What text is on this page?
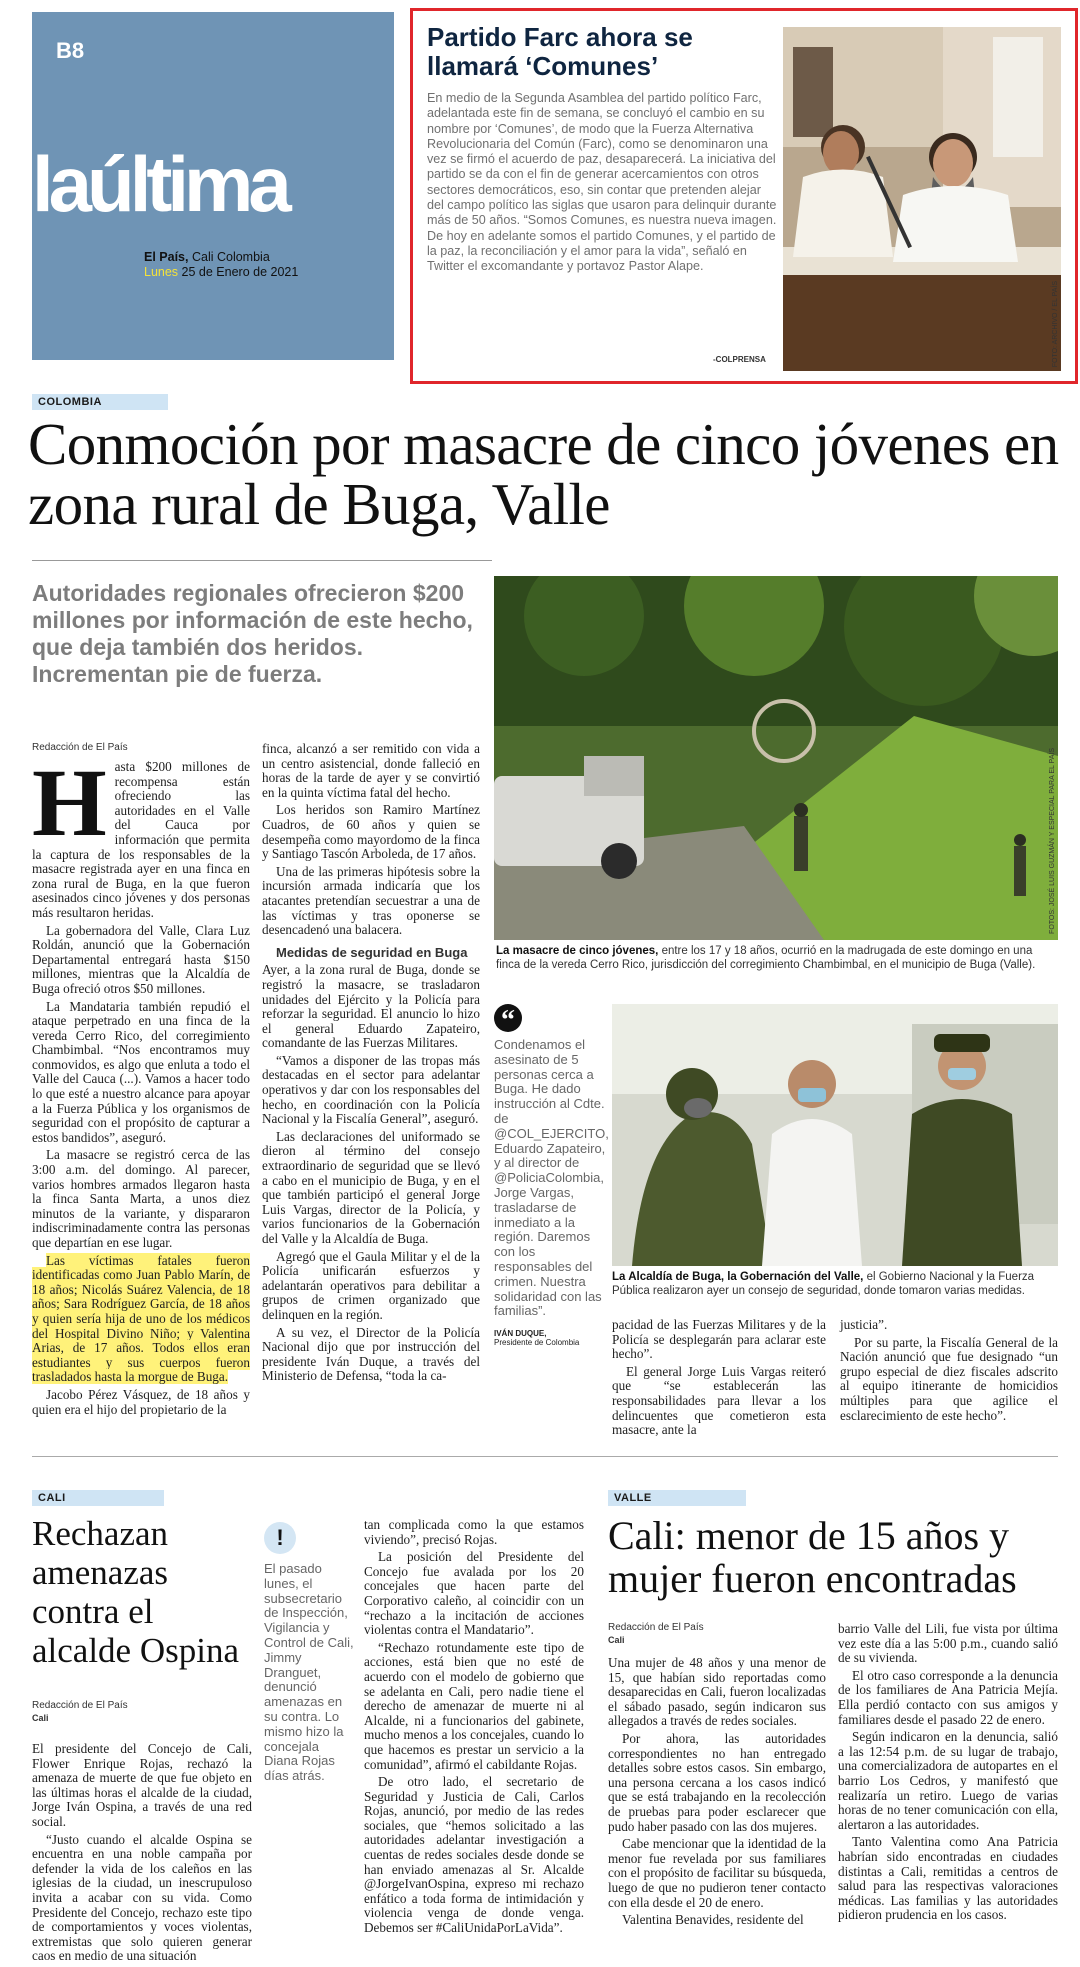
B8
laúltima
El País, Cali Colombia
Lunes 25 de Enero de 2021
Partido Farc ahora se llamará ‘Comunes’
En medio de la Segunda Asamblea del partido político Farc, adelantada este fin de semana, se concluyó el cambio en su nombre por ‘Comunes’, de modo que la Fuerza Alternativa Revolucionaria del Común (Farc), como se denominaron una vez se firmó el acuerdo de paz, desaparecerá. La iniciativa del partido se da con el fin de generar acercamientos con otros sectores democráticos, eso, sin contar que pretenden alejar del campo político las siglas que usaron para delinquir durante más de 50 años. “Somos Comunes, es nuestra nueva imagen. De hoy en adelante somos el partido Comunes, y el partido de la paz, la reconciliación y el amor para la vida”, señaló en Twitter el excomandante y portavoz Pastor Alape.
-COLPRENSA	FOTO: ARCHIVO / EL PAÍS
COLOMBIA
Conmoción por masacre de cinco jóvenes en zona rural de Buga, Valle
Autoridades regionales ofrecieron $200 millones por información de este hecho, que deja también dos heridos. Incrementan pie de fuerza.
Redacción de El País
H asta $200 millones de recompensa están ofreciendo las autoridades en el Valle del Cauca por información que permita la captura de los responsables de la masacre registrada ayer en una finca en zona rural de Buga, en la que fueron asesinados cinco jóvenes y dos personas más resultaron heridas.

La gobernadora del Valle, Clara Luz Roldán, anunció que la Gobernación Departamental entregará hasta $150 millones, mientras que la Alcaldía de Buga ofreció otros $50 millones.

La Mandataria también repudió el ataque perpetrado en una finca de la vereda Cerro Rico, del corregimiento Chambimbal. “Nos encontramos muy conmovidos, es algo que enluta a todo el Valle del Cauca (...). Vamos a hacer todo lo que esté a nuestro alcance para apoyar a la Fuerza Pública y los organismos de seguridad con el propósito de capturar a estos bandidos”, aseguró.

La masacre se registró cerca de las 3:00 a.m. del domingo. Al parecer, varios hombres armados llegaron hasta la finca Santa Marta, a unos diez minutos de la variante, y dispararon indiscriminadamente contra las personas que departían en ese lugar.

Las víctimas fatales fueron identificadas como Juan Pablo Marín, de 18 años; Nicolás Suárez Valencia, de 18 años; Sara Rodríguez García, de 18 años y quien sería hija de uno de los médicos del Hospital Divino Niño; y Valentina Arias, de 17 años. Todos ellos eran estudiantes y sus cuerpos fueron trasladados hasta la morgue de Buga.

Jacobo Pérez Vásquez, de 18 años y quien era el hijo del propietario de la

finca, alcanzó a ser remitido con vida a un centro asistencial, donde falleció en horas de la tarde de ayer y se convirtió en la quinta víctima fatal del hecho.

Los heridos son Ramiro Martínez Cuadros, de 60 años y quien se desempeña como mayordomo de la finca y Santiago Tascón Arboleda, de 17 años.

Una de las primeras hipótesis sobre la incursión armada indicaría que los atacantes pretendían secuestrar a una de las víctimas y tras oponerse se desencadenó una balacera.

Medidas de seguridad en Buga

Ayer, a la zona rural de Buga, donde se registró la masacre, se trasladaron unidades del Ejército y la Policía para reforzar la seguridad. El anuncio lo hizo el general Eduardo Zapateiro, comandante de las Fuerzas Militares.

“Vamos a disponer de las tropas más destacadas en el sector para adelantar operativos y dar con los responsables del hecho, en coordinación con la Policía Nacional y la Fiscalía General”, aseguró.

Las declaraciones del uniformado se dieron al término del consejo extraordinario de seguridad que se llevó a cabo en el municipio de Buga, y en el que también participó el general Jorge Luis Vargas, director de la Policía, y varios funcionarios de la Gobernación del Valle y la Alcaldía de Buga.

Agregó que el Gaula Militar y el de la Policía unificarán esfuerzos y adelantarán operativos para debilitar a grupos de crimen organizado que delinquen en la región.

A su vez, el Director de la Policía Nacional dijo que por instrucción del presidente Iván Duque, a través del Ministerio de Defensa, “toda la ca-

FOTOS: JOSÉ LUIS GUZMÁN Y ESPECIAL PARA EL PAÍS
La masacre de cinco jóvenes, entre los 17 y 18 años, ocurrió en la madrugada de este domingo en una finca de la vereda Cerro Rico, jurisdicción del corregimiento Chambimbal, en el municipio de Buga (Valle).
“
Condenamos el asesinato de 5 personas cerca a Buga. He dado instrucción al Cdte. de @COL_EJERCITO, Eduardo Zapateiro, y al director de @PoliciaColombia, Jorge Vargas, trasladarse de inmediato a la región. Daremos con los responsables del crimen. Nuestra solidaridad con las familias”.
IVÁN DUQUE,
Presidente de Colombia
La Alcaldía de Buga, la Gobernación del Valle, el Gobierno Nacional y la Fuerza Pública realizaron ayer un consejo de seguridad, donde tomaron varias medidas.

pacidad de las Fuerzas Militares y de la Policía se desplegarán para aclarar este hecho”.

El general Jorge Luis Vargas reiteró que “se establecerán las responsabilidades para llevar a los delincuentes que cometieron esta masacre, ante la

justicia”.

Por su parte, la Fiscalía General de la Nación anunció que fue designado “un grupo especial de diez fiscales adscrito al equipo itinerante de homicidios múltiples para que agilice el esclarecimiento de este hecho”.

CALI
Rechazan amenazas contra el alcalde Ospina
Redacción de El País
Cali

El presidente del Concejo de Cali, Flower Enrique Rojas, rechazó la amenaza de muerte de que fue objeto en las últimas horas el alcalde de la ciudad, Jorge Iván Ospina, a través de una red social.

“Justo cuando el alcalde Ospina se encuentra en una noble campaña por defender la vida de los caleños en las iglesias de la ciudad, un inescrupuloso invita a acabar con su vida. Como Presidente del Concejo, rechazo este tipo de comportamientos y voces violentas, extremistas que solo quieren generar caos en medio de una situación

!
El pasado lunes, el subsecretario de Inspección, Vigilancia y Control de Cali, Jimmy Dranguet, denunció amenazas en su contra. Lo mismo hizo la concejala Diana Rojas días atrás.

tan complicada como la que estamos viviendo”, precisó Rojas.

La posición del Presidente del Concejo fue avalada por los 20 concejales que hacen parte del Corporativo caleño, al coincidir con un “rechazo a la incitación de acciones violentas contra el Mandatario”.

“Rechazo rotundamente este tipo de acciones, está bien que no esté de acuerdo con el modelo de gobierno que se adelanta en Cali, pero nadie tiene el derecho de amenazar de muerte ni al Alcalde, ni a funcionarios del gabinete, mucho menos a los concejales, cuando lo que hacemos es prestar un servicio a la comunidad”, afirmó el cabildante Rojas.

De otro lado, el secretario de Seguridad y Justicia de Cali, Carlos Rojas, anunció, por medio de las redes sociales, que “hemos solicitado a las autoridades adelantar investigación a cuentas de redes sociales desde donde se han enviado amenazas al Sr. Alcalde @JorgeIvanOspina, expreso mi rechazo enfático a toda forma de intimidación y violencia venga de donde venga. Debemos ser #CaliUnidaPorLaVida”.

VALLE
Cali: menor de 15 años y mujer fueron encontradas
Redacción de El País
Cali

Una mujer de 48 años y una menor de 15, que habían sido reportadas como desaparecidas en Cali, fueron localizadas el sábado pasado, según indicaron sus allegados a través de redes sociales.

Por ahora, las autoridades correspondientes no han entregado detalles sobre estos casos. Sin embargo, una persona cercana a los casos indicó que se está trabajando en la recolección de pruebas para poder esclarecer que pudo haber pasado con las dos mujeres.

Cabe mencionar que la identidad de la menor fue revelada por sus familiares con el propósito de facilitar su búsqueda, luego de que no pudieron tener contacto con ella desde el 20 de enero.

Valentina Benavides, residente del

barrio Valle del Lili, fue vista por última vez este día a las 5:00 p.m., cuando salió de su vivienda.

El otro caso corresponde a la denuncia de los familiares de Ana Patricia Mejía. Ella perdió contacto con sus amigos y familiares desde el pasado 22 de enero.

Según indicaron en la denuncia, salió a las 12:54 p.m. de su lugar de trabajo, una comercializadora de autopartes en el barrio Los Cedros, y manifestó que realizaría un retiro. Luego de varias horas de no tener comunicación con ella, alertaron a las autoridades.

Tanto Valentina como Ana Patricia habrían sido encontradas en ciudades distintas a Cali, remitidas a centros de salud para las respectivas valoraciones médicas. Las familias y las autoridades pidieron prudencia en los casos.
